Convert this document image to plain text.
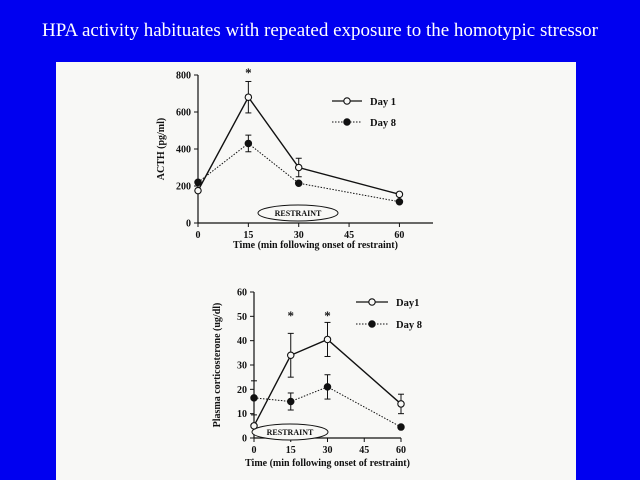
HPA activity habituates with repeated exposure to the homotypic stressor
0
200
400
600
800
0	15	30	45	60
Time (min following onset of restraint)
ACTH (pg/ml)
RESTRAINT
Day 1
Day 8
*
0
10
20
30
40
50
60
0	15	30	45	60
Time (min following onset of restraint)
Plasma corticosterone (ug/dl)
RESTRAINT
Day1
Day 8
* *
